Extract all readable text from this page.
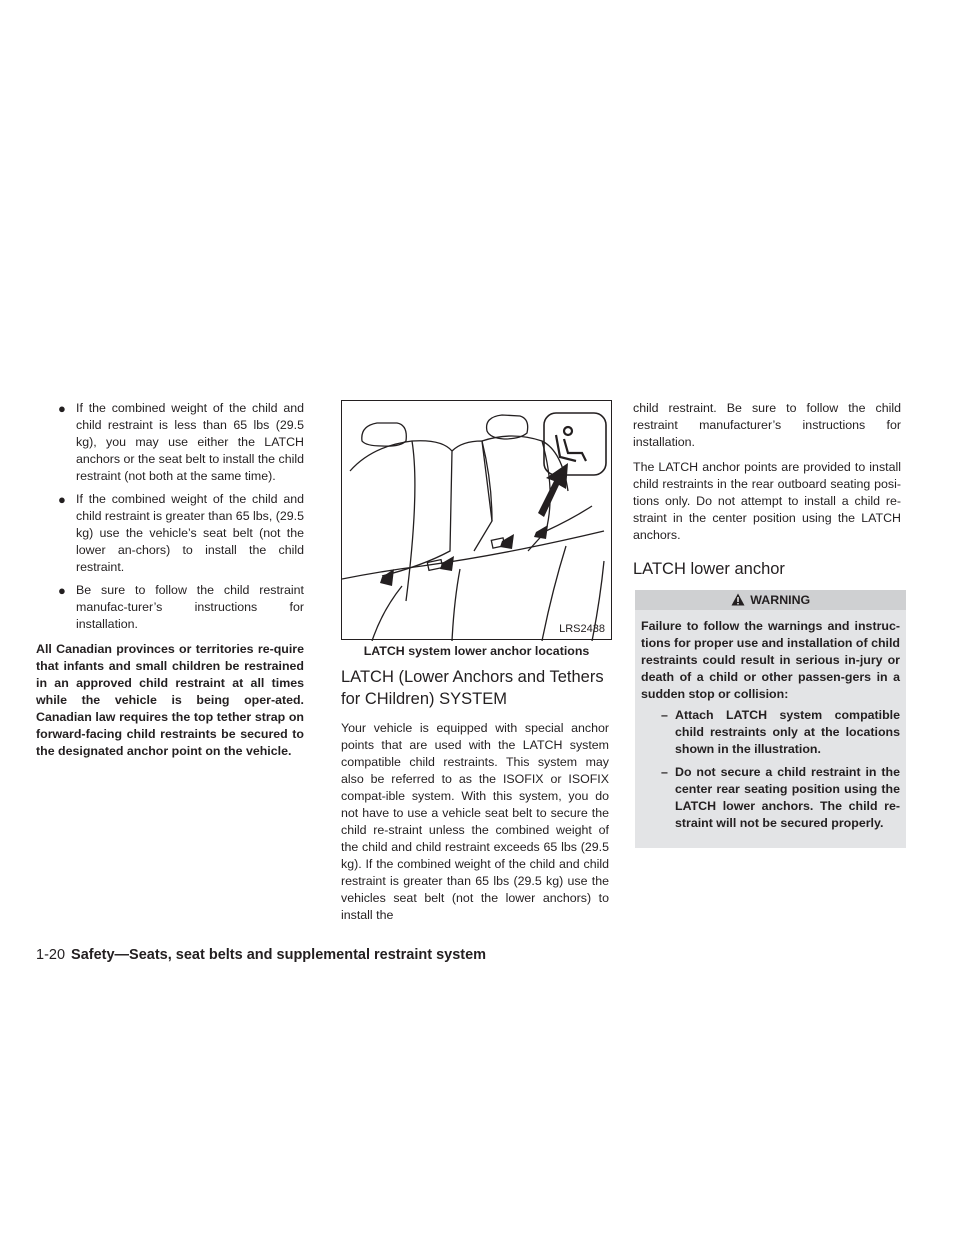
● If the combined weight of the child and child restraint is less than 65 lbs (29.5 kg), you may use either the LATCH anchors or the seat belt to install the child restraint (not both at the same time).
● If the combined weight of the child and child restraint is greater than 65 lbs, (29.5 kg) use the vehicle’s seat belt (not the lower an-chors) to install the child restraint.
● Be sure to follow the child restraint manufac-turer’s instructions for installation.

All Canadian provinces or territories re-quire that infants and small children be restrained in an approved child restraint at all times while the vehicle is being oper-ated. Canadian law requires the top tether strap on forward-facing child restraints be secured to the designated anchor point on the vehicle.

LRS2438
LATCH system lower anchor locations
LATCH (Lower Anchors and Tethers for CHildren) SYSTEM

Your vehicle is equipped with special anchor points that are used with the LATCH system compatible child restraints. This system may also be referred to as the ISOFIX or ISOFIX compat-ible system. With this system, you do not have to use a vehicle seat belt to secure the child re-straint unless the combined weight of the child and child restraint exceeds 65 lbs (29.5 kg). If the combined weight of the child and child restraint is greater than 65 lbs (29.5 kg) use the vehicles seat belt (not the lower anchors) to install the

child restraint. Be sure to follow the child restraint manufacturer’s instructions for installation.

The LATCH anchor points are provided to install child restraints in the rear outboard seating posi-tions only. Do not attempt to install a child re-straint in the center position using the LATCH anchors.

LATCH lower anchor
WARNING

Failure to follow the warnings and instruc-tions for proper use and installation of child restraints could result in serious in-jury or death of a child or other passen-gers in a sudden stop or collision:

– Attach LATCH system compatible child restraints only at the locations shown in the illustration.
– Do not secure a child restraint in the center rear seating position using the LATCH lower anchors. The child re-straint will not be secured properly.
1-20 Safety—Seats, seat belts and supplemental restraint system
